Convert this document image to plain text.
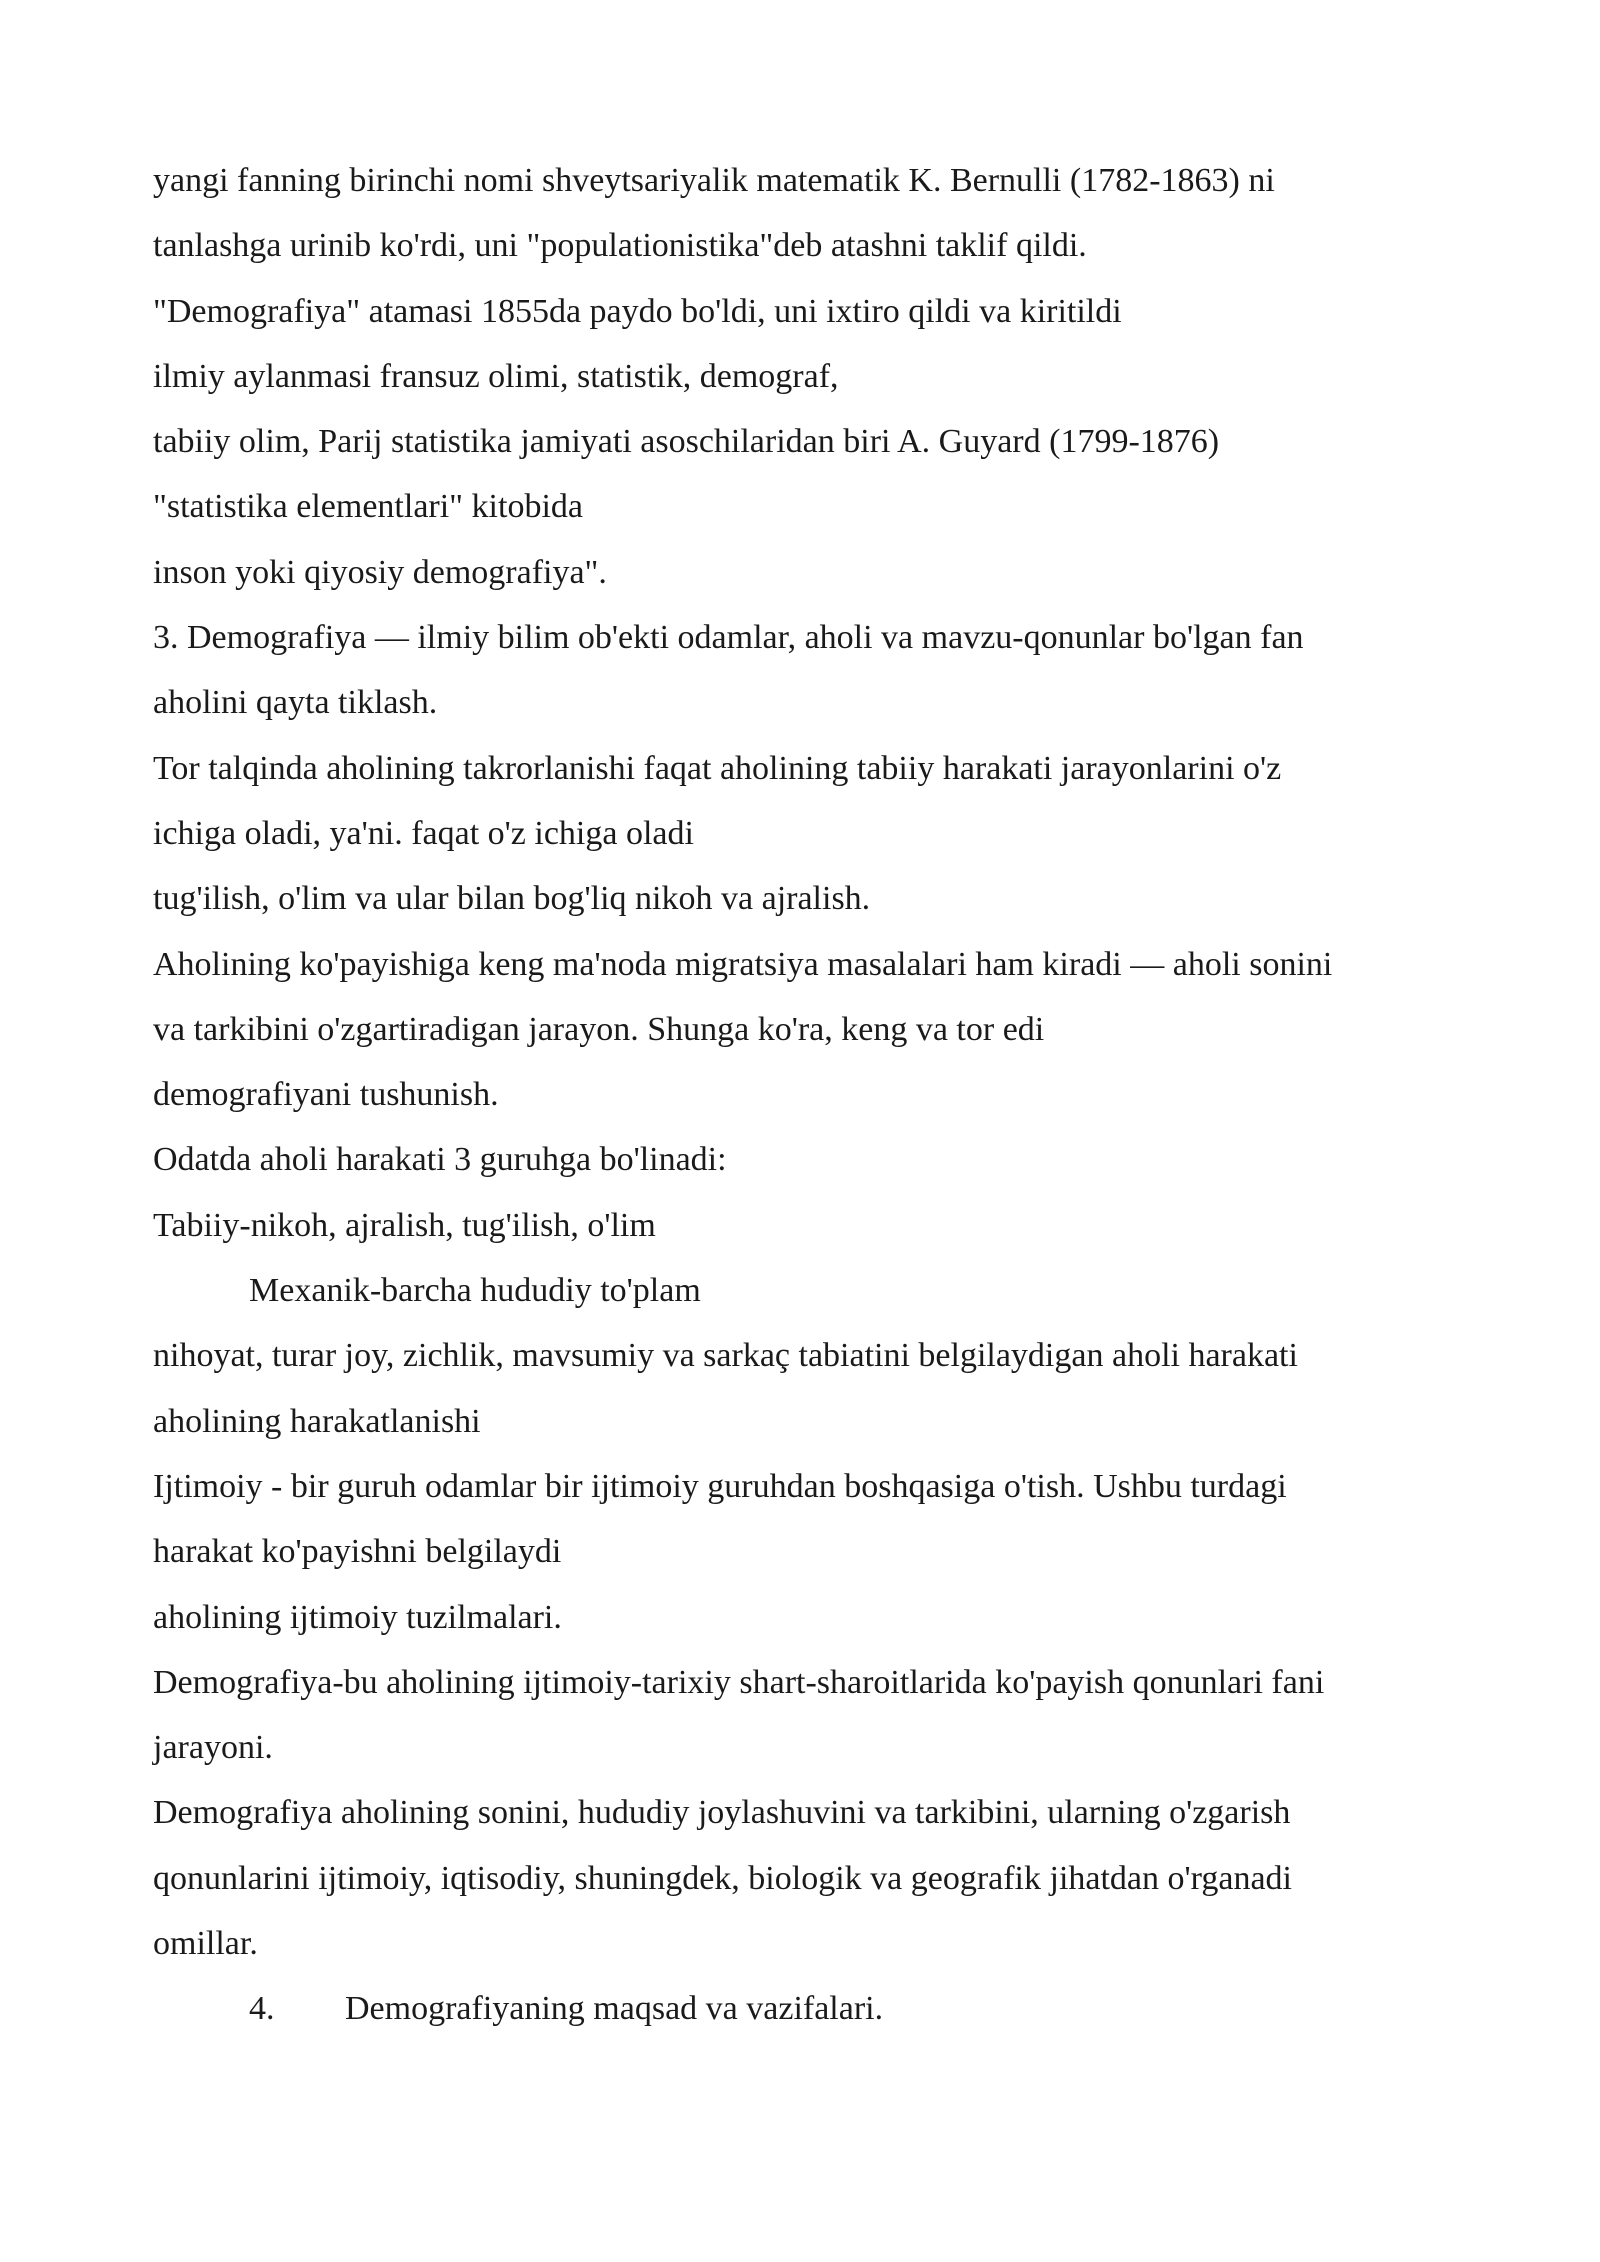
yangi fanning birinchi nomi shveytsariyalik matematik K. Bernulli (1782-1863) ni
tanlashga urinib ko'rdi, uni "populationistika"deb atashni taklif qildi.
"Demografiya" atamasi 1855da paydo bo'ldi, uni ixtiro qildi va kiritildi
ilmiy aylanmasi fransuz olimi, statistik, demograf,
tabiiy olim, Parij statistika jamiyati asoschilaridan biri A. Guyard (1799-1876)
"statistika elementlari" kitobida
inson yoki qiyosiy demografiya".
3. Demografiya — ilmiy bilim ob'ekti odamlar, aholi va mavzu-qonunlar bo'lgan fan
aholini qayta tiklash.
Tor talqinda aholining takrorlanishi faqat aholining tabiiy harakati jarayonlarini o'z
ichiga oladi, ya'ni. faqat o'z ichiga oladi
tug'ilish, o'lim va ular bilan bog'liq nikoh va ajralish.
Aholining ko'payishiga keng ma'noda migratsiya masalalari ham kiradi — aholi sonini
va tarkibini o'zgartiradigan jarayon. Shunga ko'ra, keng va tor edi
demografiyani tushunish.
Odatda aholi harakati 3 guruhga bo'linadi:
Tabiiy-nikoh, ajralish, tug'ilish, o'lim
Mexanik-barcha hududiy to'plam
nihoyat, turar joy, zichlik, mavsumiy va sarkaç tabiatini belgilaydigan aholi harakati
aholining harakatlanishi
Ijtimoiy - bir guruh odamlar bir ijtimoiy guruhdan boshqasiga o'tish. Ushbu turdagi
harakat ko'payishni belgilaydi
aholining ijtimoiy tuzilmalari.
Demografiya-bu aholining ijtimoiy-tarixiy shart-sharoitlarida ko'payish qonunlari fani
jarayoni.
Demografiya aholining sonini, hududiy joylashuvini va tarkibini, ularning o'zgarish
qonunlarini ijtimoiy, iqtisodiy, shuningdek, biologik va geografik jihatdan o'rganadi
omillar.
4. Demografiyaning maqsad va vazifalari.
